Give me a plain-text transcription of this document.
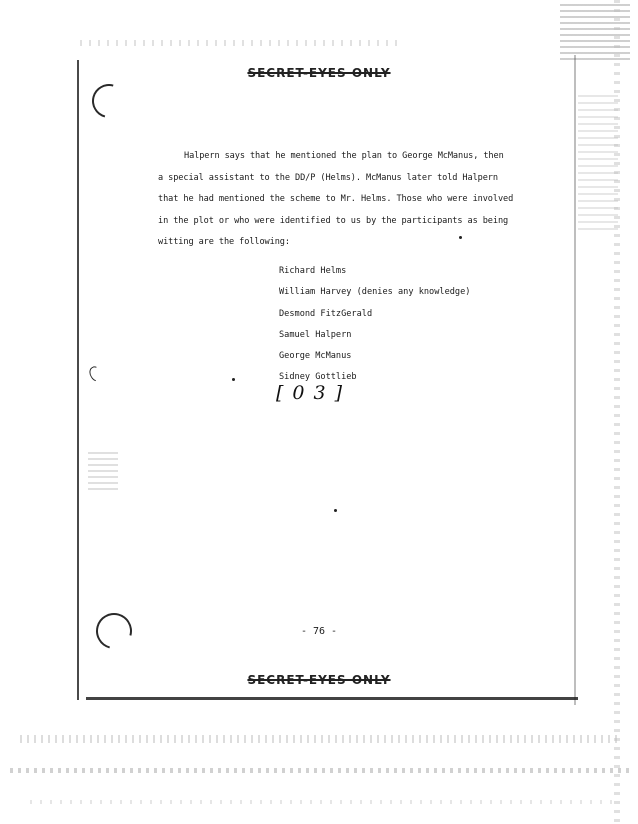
SECRET-EYES ONLY
Halpern says that he mentioned the plan to George McManus, then
a special assistant to the DD/P (Helms). McManus later told Halpern
that he had mentioned the scheme to Mr. Helms. Those who were involved
in the plot or who were identified to us by the participants as being
witting are the following:
Richard Helms
William Harvey (denies any knowledge)
Desmond FitzGerald
Samuel Halpern
George McManus
Sidney Gottlieb
[03]
- 76 -
SECRET-EYES ONLY
